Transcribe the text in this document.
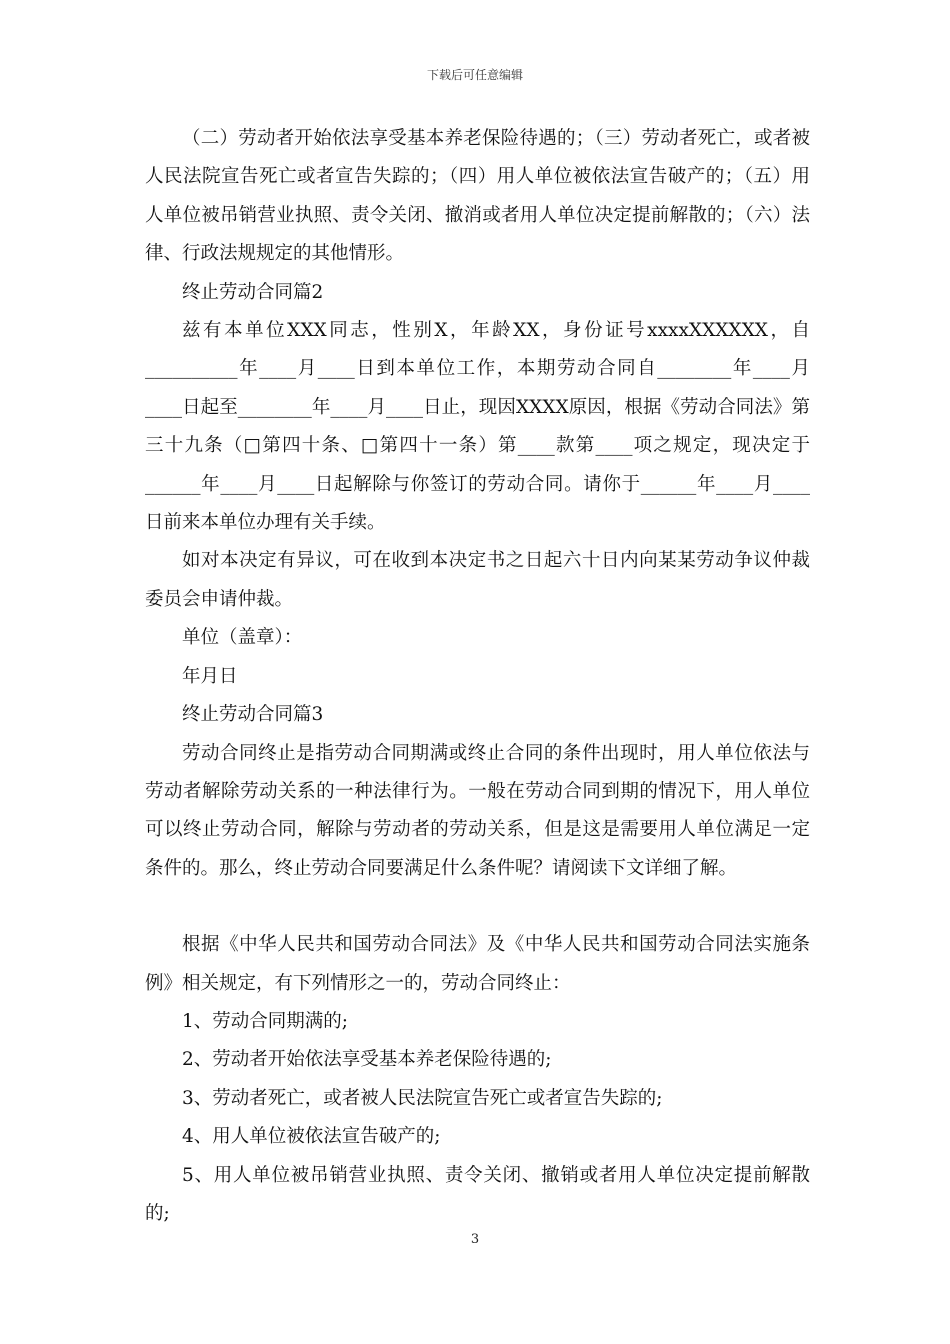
下载后可任意编辑

（二）劳动者开始依法享受基本养老保险待遇的；（三）劳动者死亡，或者被人民法院宣告死亡或者宣告失踪的；（四）用人单位被依法宣告破产的；（五）用人单位被吊销营业执照、责令关闭、撤消或者用人单位决定提前解散的；（六）法律、行政法规规定的其他情形。

终止劳动合同篇2

兹有本单位XXX同志，性别X，年龄XX，身份证号xxxxXXXXXX，自__________年____月____日到本单位工作，本期劳动合同自________年____月____日起至________年____月____日止，现因XXXX原因，根据《劳动合同法》第三十九条（□第四十条、□第四十一条）第____款第____项之规定，现决定于______年____月____日起解除与你签订的劳动合同。请你于______年____月____日前来本单位办理有关手续。

如对本决定有异议，可在收到本决定书之日起六十日内向某某劳动争议仲裁委员会申请仲裁。

单位（盖章）：

年月日

终止劳动合同篇3

劳动合同终止是指劳动合同期满或终止合同的条件出现时，用人单位依法与劳动者解除劳动关系的一种法律行为。一般在劳动合同到期的情况下，用人单位可以终止劳动合同，解除与劳动者的劳动关系，但是这是需要用人单位满足一定条件的。那么，终止劳动合同要满足什么条件呢？请阅读下文详细了解。

根据《中华人民共和国劳动合同法》及《中华人民共和国劳动合同法实施条例》相关规定，有下列情形之一的，劳动合同终止：

1、劳动合同期满的;

2、劳动者开始依法享受基本养老保险待遇的;

3、劳动者死亡，或者被人民法院宣告死亡或者宣告失踪的;

4、用人单位被依法宣告破产的;

5、用人单位被吊销营业执照、责令关闭、撤销或者用人单位决定提前解散的;

3
